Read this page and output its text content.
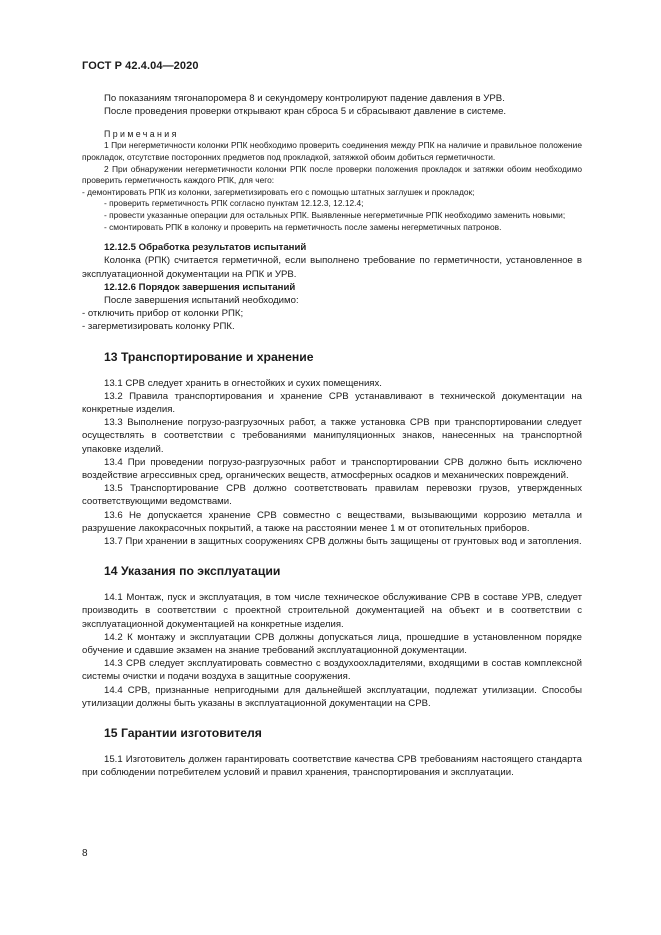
ГОСТ Р 42.4.04—2020

По показаниям тягонапоромера 8 и секундомеру контролируют падение давления в УРВ.

После проведения проверки открывают кран сброса 5 и сбрасывают давление в системе.

Примечания

1 При негерметичности колонки РПК необходимо проверить соединения между РПК на наличие и правильное положение прокладок, отсутствие посторонних предметов под прокладкой, затяжкой обоим добиться герметичности.

2 При обнаружении негерметичности колонки РПК после проверки положения прокладок и затяжки обоим необходимо проверить герметичность каждого РПК, для чего:

- демонтировать РПК из колонки, загерметизировать его с помощью штатных заглушек и прокладок;

- проверить герметичность РПК согласно пунктам 12.12.3, 12.12.4;

- провести указанные операции для остальных РПК. Выявленные негерметичные РПК необходимо заменить новыми;

- смонтировать РПК в колонку и проверить на герметичность после замены негерметичных патронов.

12.12.5 Обработка результатов испытаний

Колонка (РПК) считается герметичной, если выполнено требование по герметичности, установленное в эксплуатационной документации на РПК и УРВ.

12.12.6 Порядок завершения испытаний

После завершения испытаний необходимо:

- отключить прибор от колонки РПК;

- загерметизировать колонку РПК.

13 Транспортирование и хранение

13.1 СРВ следует хранить в огнестойких и сухих помещениях.

13.2 Правила транспортирования и хранение СРВ устанавливают в технической документации на конкретные изделия.

13.3 Выполнение погрузо-разгрузочных работ, а также установка СРВ при транспортировании следует осуществлять в соответствии с требованиями манипуляционных знаков, нанесенных на транспортной упаковке изделий.

13.4 При проведении погрузо-разгрузочных работ и транспортировании СРВ должно быть исключено воздействие агрессивных сред, органических веществ, атмосферных осадков и механических повреждений.

13.5 Транспортирование СРВ должно соответствовать правилам перевозки грузов, утвержденных соответствующими ведомствами.

13.6 Не допускается хранение СРВ совместно с веществами, вызывающими коррозию металла и разрушение лакокрасочных покрытий, а также на расстоянии менее 1 м от отопительных приборов.

13.7 При хранении в защитных сооружениях СРВ должны быть защищены от грунтовых вод и затопления.

14 Указания по эксплуатации

14.1 Монтаж, пуск и эксплуатация, в том числе техническое обслуживание СРВ в составе УРВ, следует производить в соответствии с проектной строительной документацией на объект и в соответствии с эксплуатационной документацией на конкретные изделия.

14.2 К монтажу и эксплуатации СРВ должны допускаться лица, прошедшие в установленном порядке обучение и сдавшие экзамен на знание требований эксплуатационной документации.

14.3 СРВ следует эксплуатировать совместно с воздухоохладителями, входящими в состав комплексной системы очистки и подачи воздуха в защитные сооружения.

14.4 СРВ, признанные непригодными для дальнейшей эксплуатации, подлежат утилизации. Способы утилизации должны быть указаны в эксплуатационной документации на СРВ.

15 Гарантии изготовителя

15.1 Изготовитель должен гарантировать соответствие качества СРВ требованиям настоящего стандарта при соблюдении потребителем условий и правил хранения, транспортирования и эксплуатации.

8
